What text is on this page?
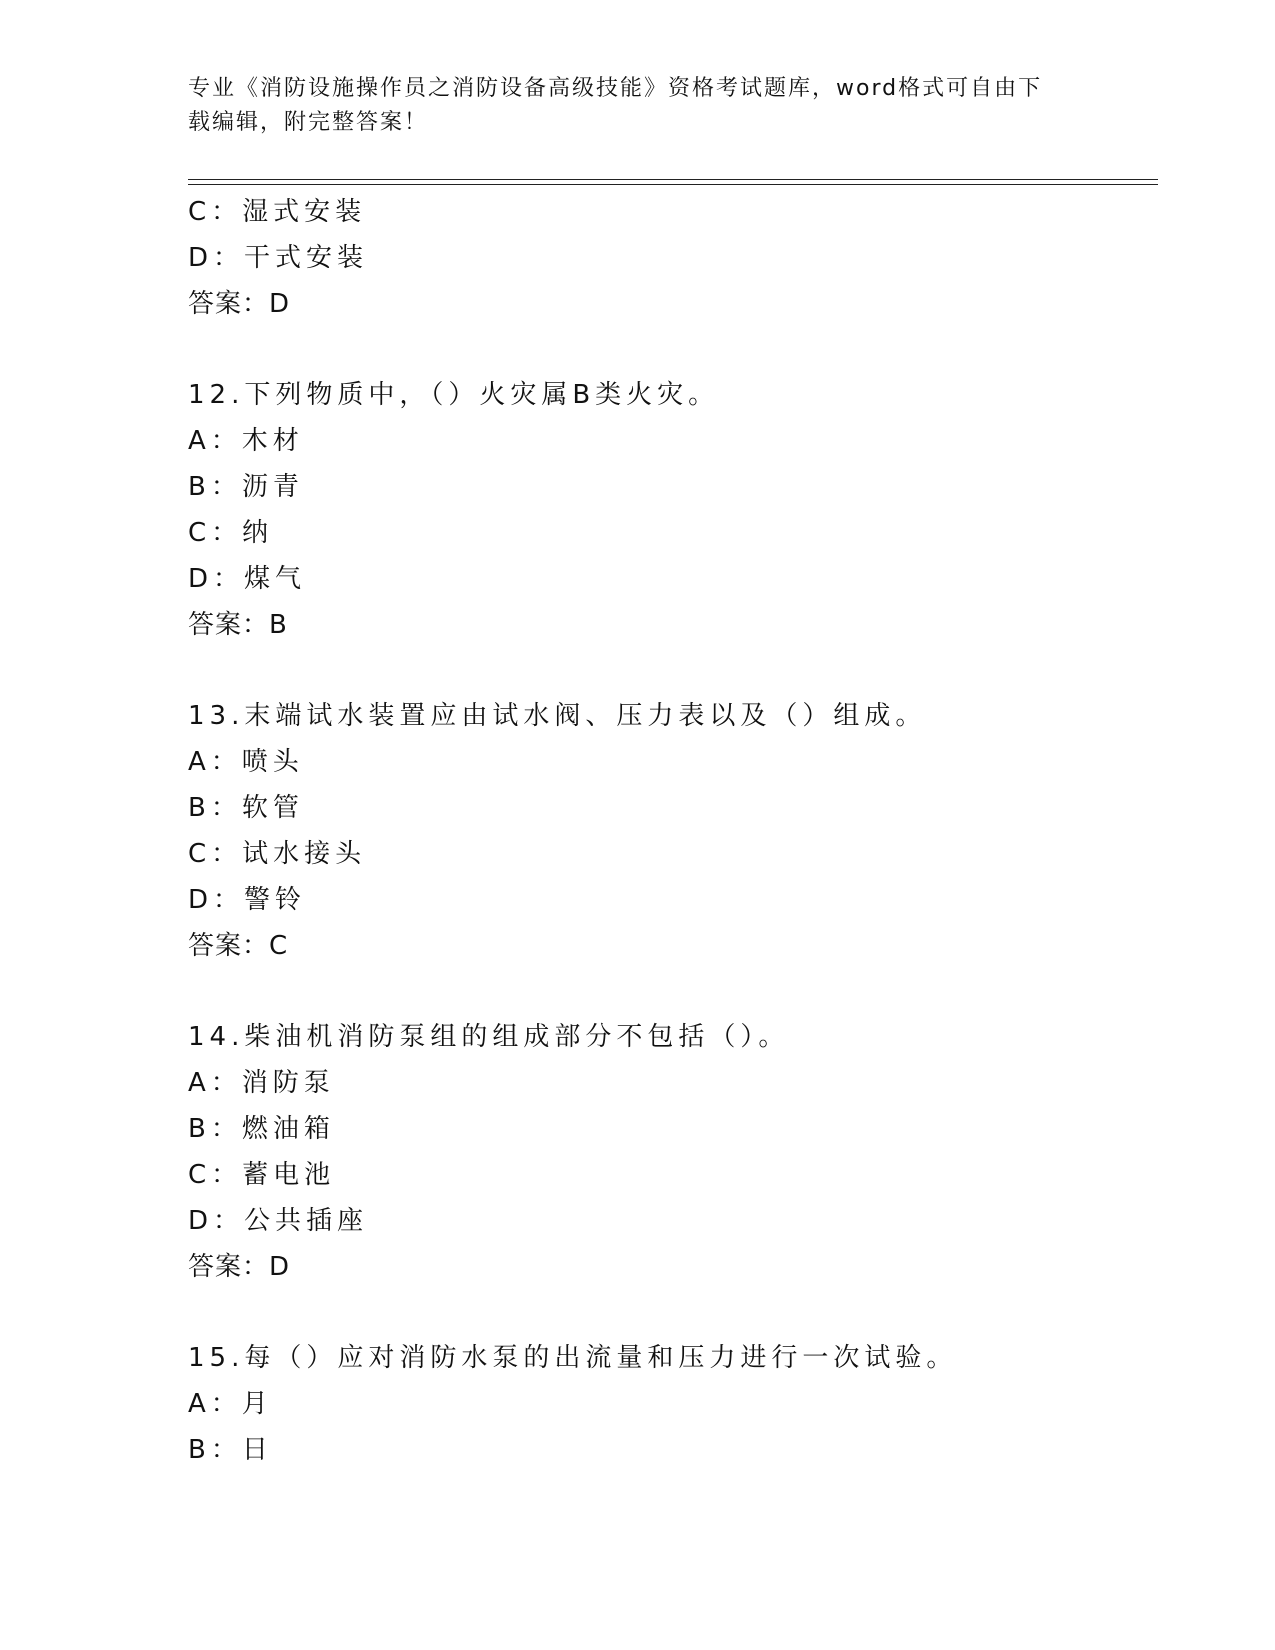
专业《消防设施操作员之消防设备高级技能》资格考试题库，word格式可自由下
载编辑，附完整答案！
C：湿式安装
D：干式安装
答案：D
12.下列物质中，（）火灾属B类火灾。
A：木材
B：沥青
C：纳
D：煤气
答案：B
13.末端试水装置应由试水阀、压力表以及（）组成。
A：喷头
B：软管
C：试水接头
D：警铃
答案：C
14.柴油机消防泵组的组成部分不包括（）。
A：消防泵
B：燃油箱
C：蓄电池
D：公共插座
答案：D
15.每（）应对消防水泵的出流量和压力进行一次试验。
A：月
B：日
